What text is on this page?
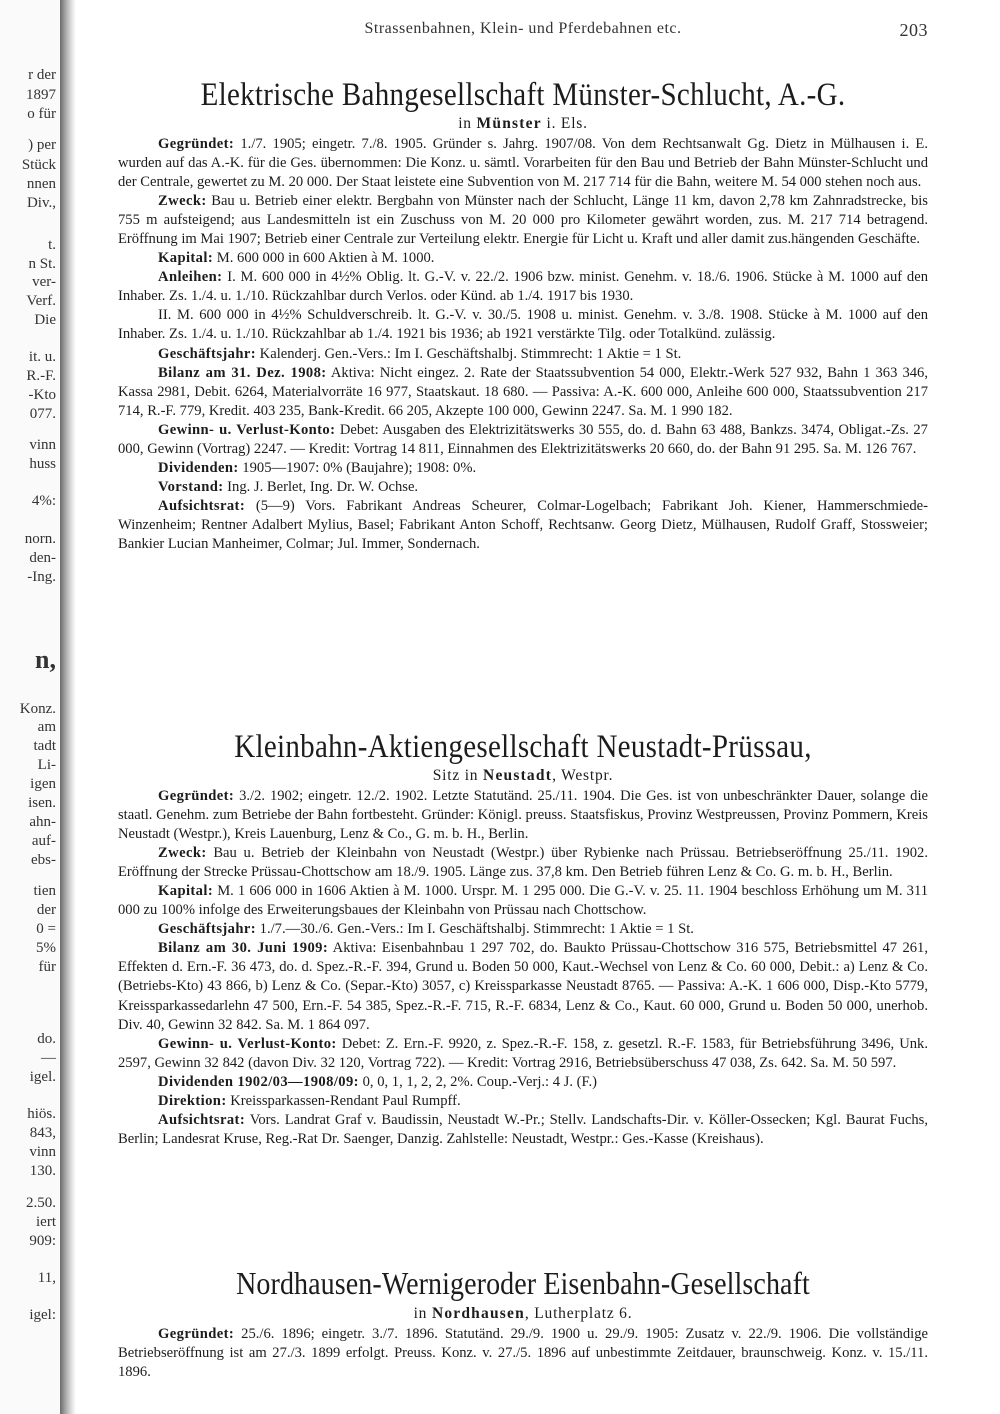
r der
1897
o für
) per
Stück
nnen
Div.,
t.
n St.
ver-
Verf.
Die
it. u.
R.-F.
-Kto
077.
vinn
huss
4%:
norn.
den-
-Ing.
n,
Konz.
am
tadt
Li-
igen
isen.
ahn-
auf-
ebs-
tien
der
0 =
5%
für
do.
—
igel.
hiös.
843,
vinn
130.
2.50.
iert
909:
11,
igel:
Strassenbahnen, Klein- und Pferdebahnen etc.	203
Elektrische Bahngesellschaft Münster-Schlucht, A.-G.
in Münster i. Els.

Gegründet: 1./7. 1905; eingetr. 7./8. 1905. Gründer s. Jahrg. 1907/08. Von dem Rechtsanwalt Gg. Dietz in Mülhausen i. E. wurden auf das A.-K. für die Ges. übernommen: Die Konz. u. sämtl. Vorarbeiten für den Bau und Betrieb der Bahn Münster-Schlucht und der Centrale, gewertet zu M. 20 000. Der Staat leistete eine Subvention von M. 217 714 für die Bahn, weitere M. 54 000 stehen noch aus.

Zweck: Bau u. Betrieb einer elektr. Bergbahn von Münster nach der Schlucht, Länge 11 km, davon 2,78 km Zahnradstrecke, bis 755 m aufsteigend; aus Landesmitteln ist ein Zuschuss von M. 20 000 pro Kilometer gewährt worden, zus. M. 217 714 betragend. Eröffnung im Mai 1907; Betrieb einer Centrale zur Verteilung elektr. Energie für Licht u. Kraft und aller damit zus.hängenden Geschäfte.

Kapital: M. 600 000 in 600 Aktien à M. 1000.

Anleihen: I. M. 600 000 in 4½% Oblig. lt. G.-V. v. 22./2. 1906 bzw. minist. Genehm. v. 18./6. 1906. Stücke à M. 1000 auf den Inhaber. Zs. 1./4. u. 1./10. Rückzahlbar durch Verlos. oder Künd. ab 1./4. 1917 bis 1930.

II. M. 600 000 in 4½% Schuldverschreib. lt. G.-V. v. 30./5. 1908 u. minist. Genehm. v. 3./8. 1908. Stücke à M. 1000 auf den Inhaber. Zs. 1./4. u. 1./10. Rückzahlbar ab 1./4. 1921 bis 1936; ab 1921 verstärkte Tilg. oder Totalkünd. zulässig.

Geschäftsjahr: Kalenderj. Gen.-Vers.: Im I. Geschäftshalbj. Stimmrecht: 1 Aktie = 1 St.

Bilanz am 31. Dez. 1908: Aktiva: Nicht eingez. 2. Rate der Staatssubvention 54 000, Elektr.-Werk 527 932, Bahn 1 363 346, Kassa 2981, Debit. 6264, Materialvorräte 16 977, Staatskaut. 18 680. — Passiva: A.-K. 600 000, Anleihe 600 000, Staatssubvention 217 714, R.-F. 779, Kredit. 403 235, Bank-Kredit. 66 205, Akzepte 100 000, Gewinn 2247. Sa. M. 1 990 182.

Gewinn- u. Verlust-Konto: Debet: Ausgaben des Elektrizitätswerks 30 555, do. d. Bahn 63 488, Bankzs. 3474, Obligat.-Zs. 27 000, Gewinn (Vortrag) 2247. — Kredit: Vortrag 14 811, Einnahmen des Elektrizitätswerks 20 660, do. der Bahn 91 295. Sa. M. 126 767.

Dividenden: 1905—1907: 0% (Baujahre); 1908: 0%.

Vorstand: Ing. J. Berlet, Ing. Dr. W. Ochse.

Aufsichtsrat: (5—9) Vors. Fabrikant Andreas Scheurer, Colmar-Logelbach; Fabrikant Joh. Kiener, Hammerschmiede-Winzenheim; Rentner Adalbert Mylius, Basel; Fabrikant Anton Schoff, Rechtsanw. Georg Dietz, Mülhausen, Rudolf Graff, Stossweier; Bankier Lucian Manheimer, Colmar; Jul. Immer, Sondernach.

Kleinbahn-Aktiengesellschaft Neustadt-Prüssau,
Sitz in Neustadt, Westpr.

Gegründet: 3./2. 1902; eingetr. 12./2. 1902. Letzte Statutänd. 25./11. 1904. Die Ges. ist von unbeschränkter Dauer, solange die staatl. Genehm. zum Betriebe der Bahn fortbesteht. Gründer: Königl. preuss. Staatsfiskus, Provinz Westpreussen, Provinz Pommern, Kreis Neustadt (Westpr.), Kreis Lauenburg, Lenz & Co., G. m. b. H., Berlin.

Zweck: Bau u. Betrieb der Kleinbahn von Neustadt (Westpr.) über Rybienke nach Prüssau. Betriebseröffnung 25./11. 1902. Eröffnung der Strecke Prüssau-Chottschow am 18./9. 1905. Länge zus. 37,8 km. Den Betrieb führen Lenz & Co. G. m. b. H., Berlin.

Kapital: M. 1 606 000 in 1606 Aktien à M. 1000. Urspr. M. 1 295 000. Die G.-V. v. 25. 11. 1904 beschloss Erhöhung um M. 311 000 zu 100% infolge des Erweiterungsbaues der Kleinbahn von Prüssau nach Chottschow.

Geschäftsjahr: 1./7.—30./6. Gen.-Vers.: Im I. Geschäftshalbj. Stimmrecht: 1 Aktie = 1 St.

Bilanz am 30. Juni 1909: Aktiva: Eisenbahnbau 1 297 702, do. Baukto Prüssau-Chottschow 316 575, Betriebsmittel 47 261, Effekten d. Ern.-F. 36 473, do. d. Spez.-R.-F. 394, Grund u. Boden 50 000, Kaut.-Wechsel von Lenz & Co. 60 000, Debit.: a) Lenz & Co. (Betriebs-Kto) 43 866, b) Lenz & Co. (Separ.-Kto) 3057, c) Kreissparkasse Neustadt 8765. — Passiva: A.-K. 1 606 000, Disp.-Kto 5779, Kreissparkassedarlehn 47 500, Ern.-F. 54 385, Spez.-R.-F. 715, R.-F. 6834, Lenz & Co., Kaut. 60 000, Grund u. Boden 50 000, unerhob. Div. 40, Gewinn 32 842. Sa. M. 1 864 097.

Gewinn- u. Verlust-Konto: Debet: Z. Ern.-F. 9920, z. Spez.-R.-F. 158, z. gesetzl. R.-F. 1583, für Betriebsführung 3496, Unk. 2597, Gewinn 32 842 (davon Div. 32 120, Vortrag 722). — Kredit: Vortrag 2916, Betriebsüberschuss 47 038, Zs. 642. Sa. M. 50 597.

Dividenden 1902/03—1908/09: 0, 0, 1, 1, 2, 2, 2%. Coup.-Verj.: 4 J. (F.)

Direktion: Kreissparkassen-Rendant Paul Rumpff.

Aufsichtsrat: Vors. Landrat Graf v. Baudissin, Neustadt W.-Pr.; Stellv. Landschafts-Dir. v. Köller-Ossecken; Kgl. Baurat Fuchs, Berlin; Landesrat Kruse, Reg.-Rat Dr. Saenger, Danzig. Zahlstelle: Neustadt, Westpr.: Ges.-Kasse (Kreishaus).

Nordhausen-Wernigeroder Eisenbahn-Gesellschaft
in Nordhausen, Lutherplatz 6.

Gegründet: 25./6. 1896; eingetr. 3./7. 1896. Statutänd. 29./9. 1900 u. 29./9. 1905: Zusatz v. 22./9. 1906. Die vollständige Betriebseröffnung ist am 27./3. 1899 erfolgt. Preuss. Konz. v. 27./5. 1896 auf unbestimmte Zeitdauer, braunschweig. Konz. v. 15./11. 1896.
